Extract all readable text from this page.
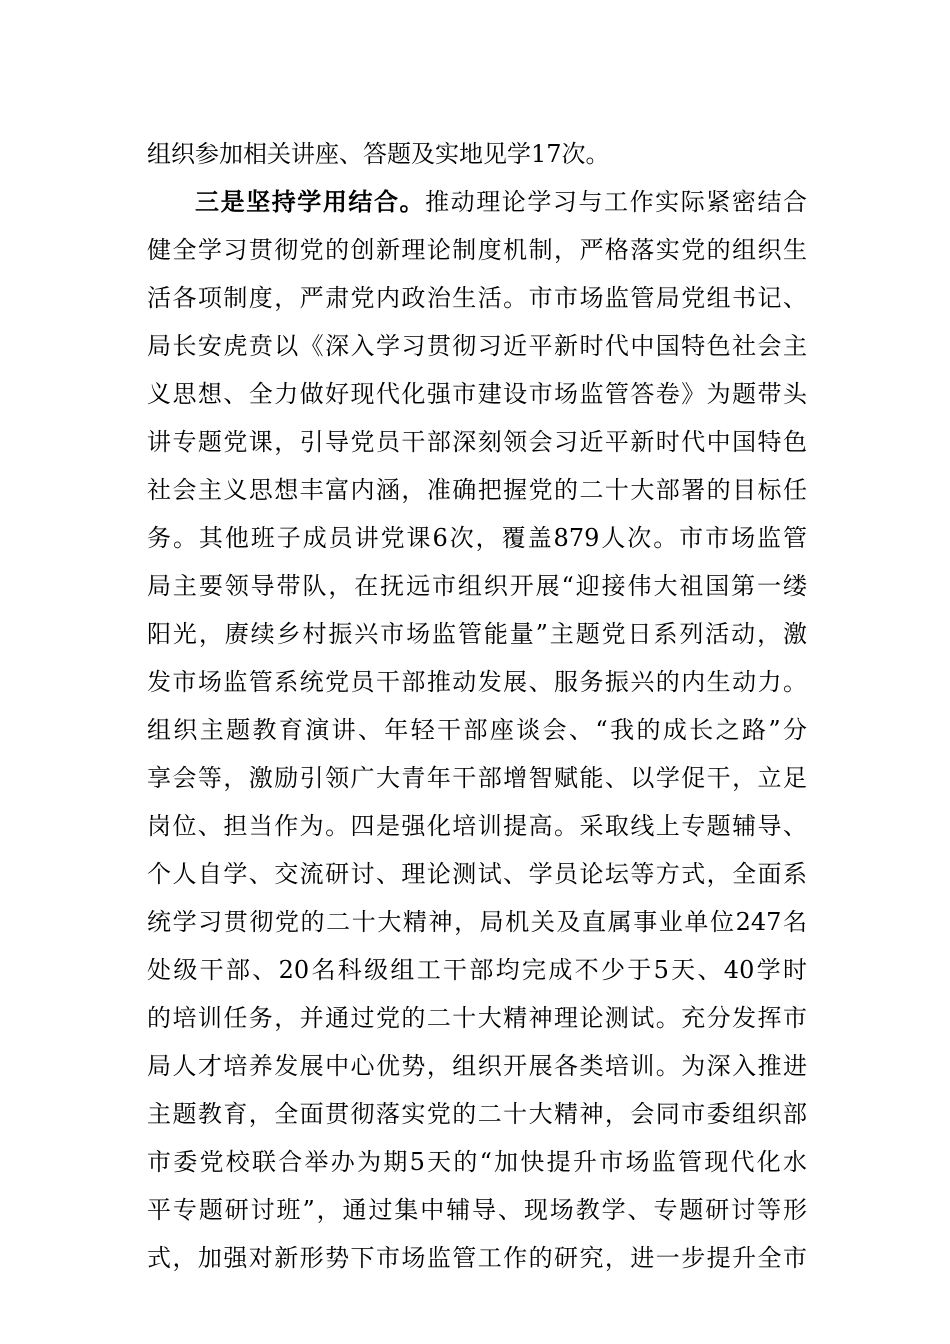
组织参加相关讲座、答题及实地见学17次。
三是坚持学用结合。推动理论学习与工作实际紧密结合
健全学习贯彻党的创新理论制度机制，严格落实党的组织生
活各项制度，严肃党内政治生活。市市场监管局党组书记、
局长安虎贲以《深入学习贯彻习近平新时代中国特色社会主
义思想、全力做好现代化强市建设市场监管答卷》为题带头
讲专题党课，引导党员干部深刻领会习近平新时代中国特色
社会主义思想丰富内涵，准确把握党的二十大部署的目标任
务。其他班子成员讲党课6次，覆盖879人次。市市场监管
局主要领导带队，在抚远市组织开展“迎接伟大祖国第一缕
阳光，赓续乡村振兴市场监管能量”主题党日系列活动，激
发市场监管系统党员干部推动发展、服务振兴的内生动力。
组织主题教育演讲、年轻干部座谈会、“我的成长之路”分
享会等，激励引领广大青年干部增智赋能、以学促干，立足
岗位、担当作为。四是强化培训提高。采取线上专题辅导、
个人自学、交流研讨、理论测试、学员论坛等方式，全面系
统学习贯彻党的二十大精神，局机关及直属事业单位247名
处级干部、20名科级组工干部均完成不少于5天、40学时
的培训任务，并通过党的二十大精神理论测试。充分发挥市
局人才培养发展中心优势，组织开展各类培训。为深入推进
主题教育，全面贯彻落实党的二十大精神，会同市委组织部
市委党校联合举办为期5天的“加快提升市场监管现代化水
平专题研讨班”，通过集中辅导、现场教学、专题研讨等形
式，加强对新形势下市场监管工作的研究，进一步提升全市
